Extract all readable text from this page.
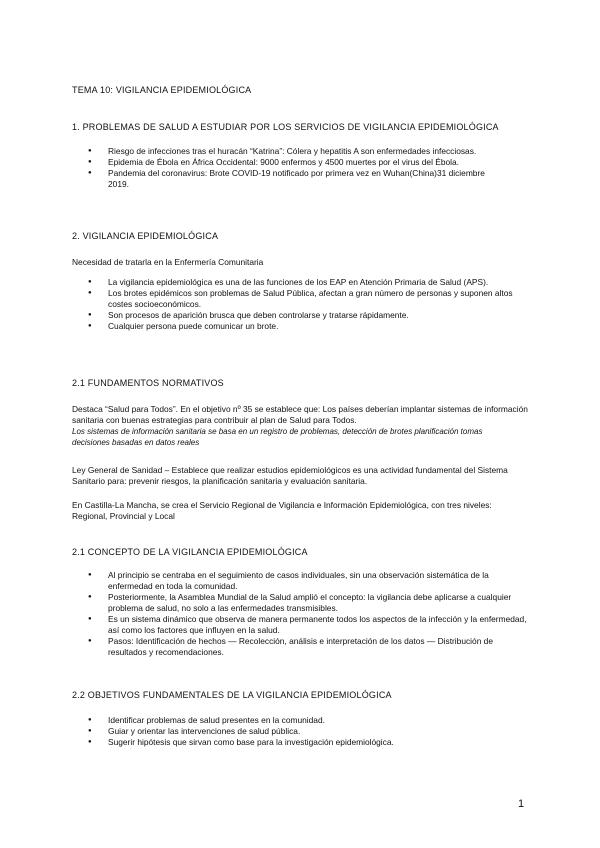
TEMA 10: VIGILANCIA EPIDEMIOLÓGICA

1. PROBLEMAS DE SALUD A ESTUDIAR POR LOS SERVICIOS DE VIGILANCIA EPIDEMIOLÓGICA

● Riesgo de infecciones tras el huracán “Katrina”: Cólera y hepatitis A son enfermedades infecciosas.
● Epidemia de Ébola en África Occidental: 9000 enfermos y 4500 muertes por el virus del Ébola.
● Pandemia del coronavirus: Brote COVID-19 notificado por primera vez en Wuhan(China)31 diciembre 2019.

2. VIGILANCIA EPIDEMIOLÓGICA

Necesidad de tratarla en la Enfermería Comunitaria

● La vigilancia epidemiológica es una de las funciones de los EAP en Atención Primaria de Salud (APS).
● Los brotes epidémicos son problemas de Salud Pública, afectan a gran número de personas y suponen altos costes socioeconómicos.
● Son procesos de aparición brusca que deben controlarse y tratarse rápidamente.
● Cualquier persona puede comunicar un brote.

2.1 FUNDAMENTOS NORMATIVOS

Destaca “Salud para Todos”. En el objetivo nº 35 se establece que: Los países deberían implantar sistemas de información sanitaria con buenas estrategias para contribuir al plan de Salud para Todos.

Los sistemas de información sanitaria se basa en un registro de problemas, detección de brotes planificación tomas decisiones basadas en datos reales

Ley General de Sanidad – Establece que realizar estudios epidemiológicos es una actividad fundamental del Sistema Sanitario para: prevenir riesgos, la planificación sanitaria y evaluación sanitaria.

En Castilla-La Mancha, se crea el Servicio Regional de Vigilancia e Información Epidemiológica, con tres niveles: Regional, Provincial y Local

2.1 CONCEPTO DE LA VIGILANCIA EPIDEMIOLÓGICA

● Al principio se centraba en el seguimiento de casos individuales, sin una observación sistemática de la enfermedad en toda la comunidad.
● Posteriormente, la Asamblea Mundial de la Salud amplió el concepto: la vigilancia debe aplicarse a cualquier problema de salud, no solo a las enfermedades transmisibles.
● Es un sistema dinámico que observa de manera permanente todos los aspectos de la infección y la enfermedad, así como los factores que influyen en la salud.
● Pasos: Identificación de hechos — Recolección, análisis e interpretación de los datos — Distribución de resultados y recomendaciones.

2.2 OBJETIVOS FUNDAMENTALES DE LA VIGILANCIA EPIDEMIOLÓGICA

● Identificar problemas de salud presentes en la comunidad.
● Guiar y orientar las intervenciones de salud pública.
● Sugerir hipótesis que sirvan como base para la investigación epidemiológica.
1
